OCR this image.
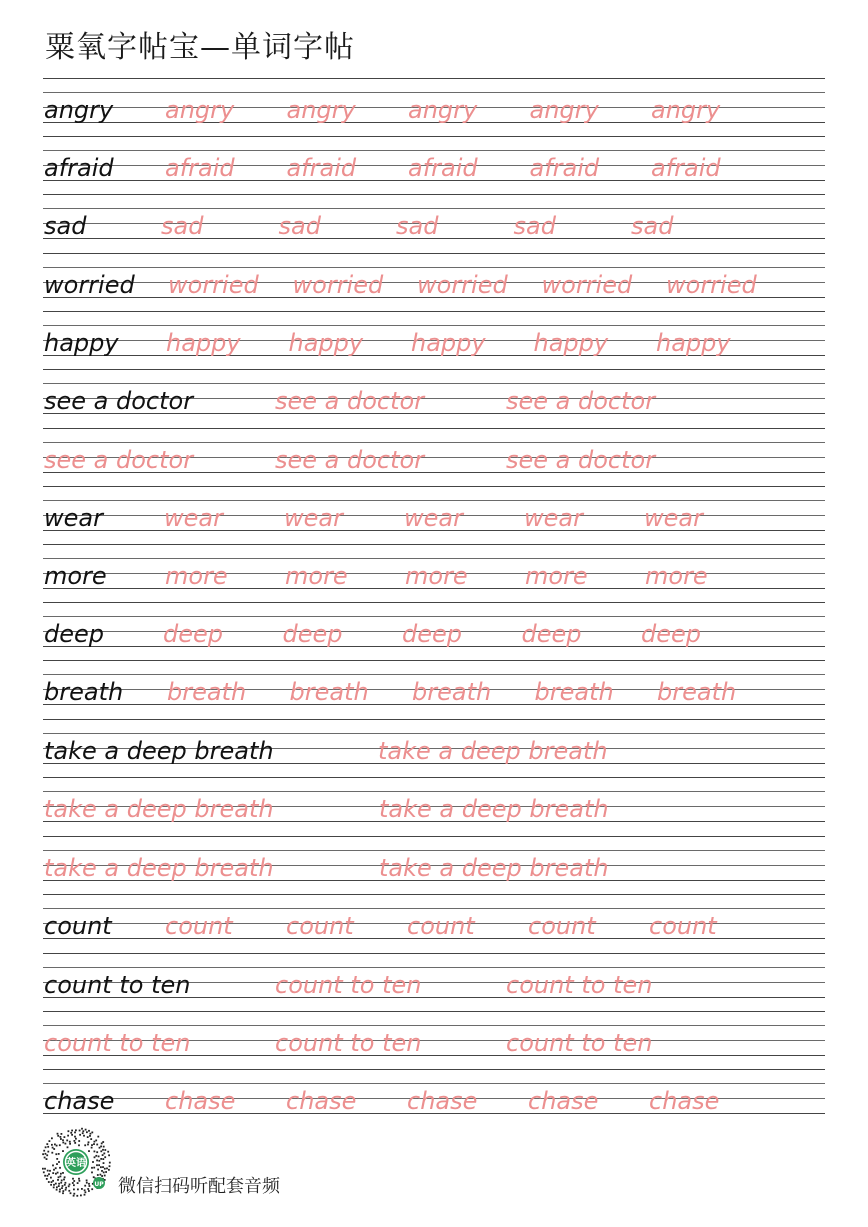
粟氧字帖宝—单词字帖
angry angry angry angry angry angry
afraid afraid afraid afraid afraid afraid
sad	sad	sad	sad	sad	sad
worried worried worried worried worried worried
happy happy happy happy happy happy
see a doctor	see a doctor	see a doctor
see a doctor	see a doctor	see a doctor
wear	wear	wear	wear	wear	wear
more more more more more more
deep deep deep deep deep deep
breath breath breath breath breath breath
take a deep breath	take a deep breath
take a deep breath	take a deep breath
take a deep breath	take a deep breath
count count count count count count
count to ten	count to ten	count to ten
count to ten	count to ten	count to ten
chase chase chase chase chase chase
英语
UP 微信扫码听配套音频
